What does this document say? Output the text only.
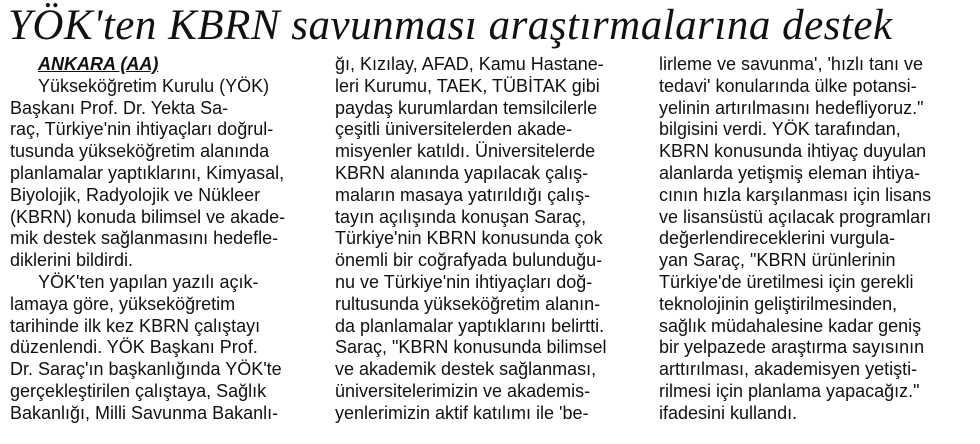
YÖK'ten KBRN savunması araştırmalarına destek
ANKARA (AA)
Yükseköğretim Kurulu (YÖK)
Başkanı Prof. Dr. Yekta Sa-
raç, Türkiye'nin ihtiyaçları doğrul-
tusunda yükseköğretim alanında
planlamalar yaptıklarını, Kimyasal,
Biyolojik, Radyolojik ve Nükleer
(KBRN) konuda bilimsel ve akade-
mik destek sağlanmasını hedefle-
diklerini bildirdi.
YÖK'ten yapılan yazılı açık-
lamaya göre, yükseköğretim
tarihinde ilk kez KBRN çalıştayı
düzenlendi. YÖK Başkanı Prof.
Dr. Saraç'ın başkanlığında YÖK'te
gerçekleştirilen çalıştaya, Sağlık
Bakanlığı, Milli Savunma Bakanlı-
ğı, Kızılay, AFAD, Kamu Hastane-
leri Kurumu, TAEK, TÜBİTAK gibi
paydaş kurumlardan temsilcilerle
çeşitli üniversitelerden akade-
misyenler katıldı. Üniversitelerde
KBRN alanında yapılacak çalış-
maların masaya yatırıldığı çalış-
tayın açılışında konuşan Saraç,
Türkiye'nin KBRN konusunda çok
önemli bir coğrafyada bulunduğu-
nu ve Türkiye'nin ihtiyaçları doğ-
rultusunda yükseköğretim alanın-
da planlamalar yaptıklarını belirtti.
Saraç, "KBRN konusunda bilimsel
ve akademik destek sağlanması,
üniversitelerimizin ve akademis-
yenlerimizin aktif katılımı ile 'be-
lirleme ve savunma', 'hızlı tanı ve
tedavi' konularında ülke potansi-
yelinin artırılmasını hedefliyoruz."
bilgisini verdi. YÖK tarafından,
KBRN konusunda ihtiyaç duyulan
alanlarda yetişmiş eleman ihtiya-
cının hızla karşılanması için lisans
ve lisansüstü açılacak programları
değerlendireceklerini vurgula-
yan Saraç, "KBRN ürünlerinin
Türkiye'de üretilmesi için gerekli
teknolojinin geliştirilmesinden,
sağlık müdahalesine kadar geniş
bir yelpazede araştırma sayısının
arttırılması, akademisyen yetişti-
rilmesi için planlama yapacağız."
ifadesini kullandı.
